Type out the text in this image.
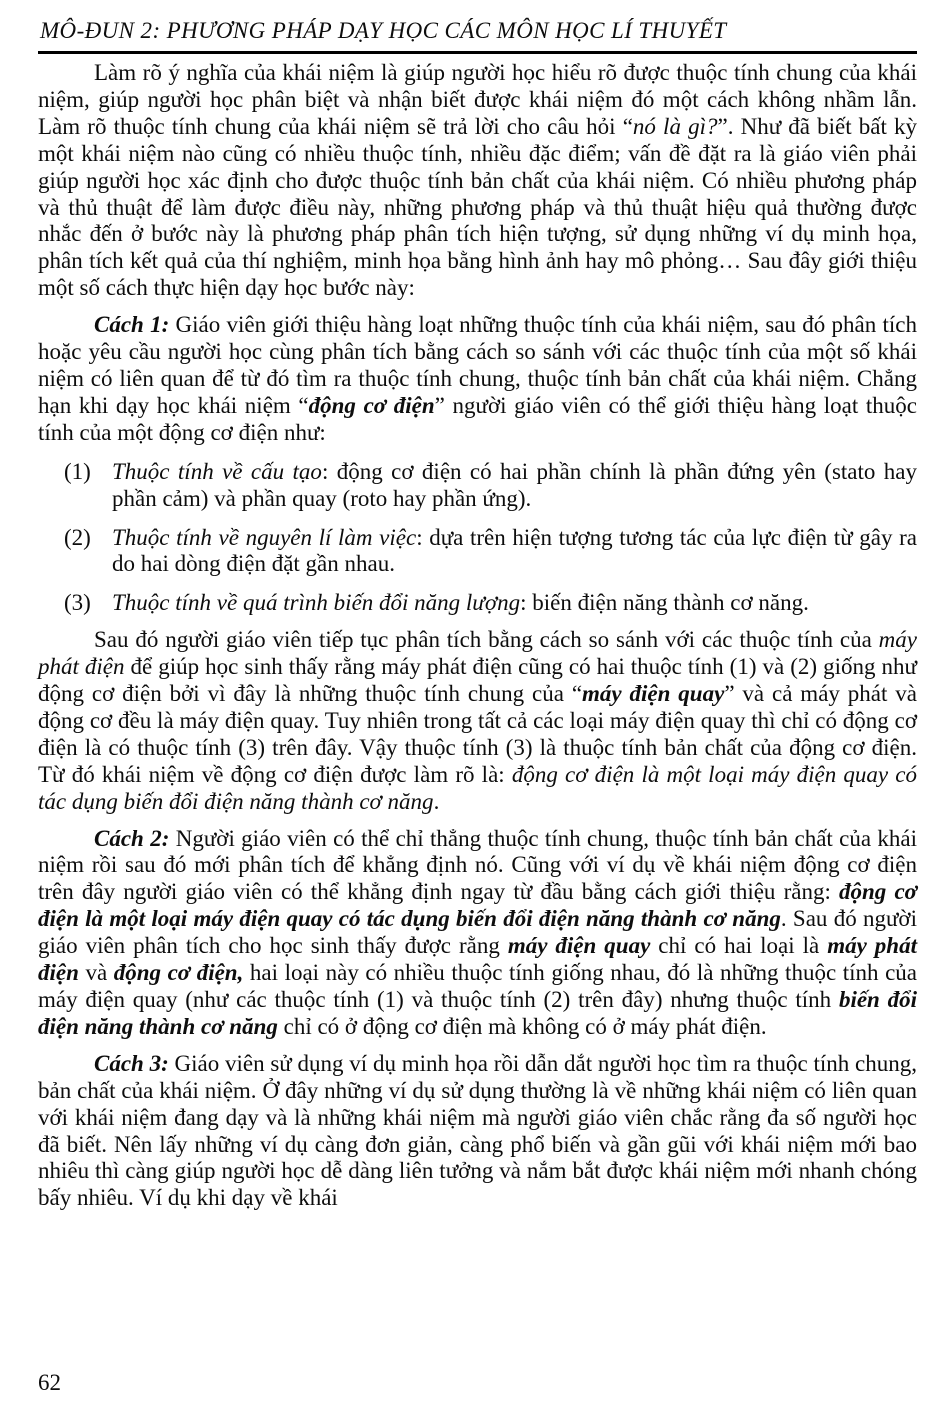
MÔ-ĐUN 2: PHƯƠNG PHÁP DẠY HỌC CÁC MÔN HỌC LÍ THUYẾT

Làm rõ ý nghĩa của khái niệm là giúp người học hiểu rõ được thuộc tính chung của khái niệm, giúp người học phân biệt và nhận biết được khái niệm đó một cách không nhầm lẫn. Làm rõ thuộc tính chung của khái niệm sẽ trả lời cho câu hỏi “nó là gì?”. Như đã biết bất kỳ một khái niệm nào cũng có nhiều thuộc tính, nhiều đặc điểm; vấn đề đặt ra là giáo viên phải giúp người học xác định cho được thuộc tính bản chất của khái niệm. Có nhiều phương pháp và thủ thuật để làm được điều này, những phương pháp và thủ thuật hiệu quả thường được nhắc đến ở bước này là phương pháp phân tích hiện tượng, sử dụng những ví dụ minh họa, phân tích kết quả của thí nghiệm, minh họa bằng hình ảnh hay mô phỏng… Sau đây giới thiệu một số cách thực hiện dạy học bước này:

Cách 1: Giáo viên giới thiệu hàng loạt những thuộc tính của khái niệm, sau đó phân tích hoặc yêu cầu người học cùng phân tích bằng cách so sánh với các thuộc tính của một số khái niệm có liên quan để từ đó tìm ra thuộc tính chung, thuộc tính bản chất của khái niệm. Chẳng hạn khi dạy học khái niệm “động cơ điện” người giáo viên có thể giới thiệu hàng loạt thuộc tính của một động cơ điện như:

(1) Thuộc tính về cấu tạo: động cơ điện có hai phần chính là phần đứng yên (stato hay phần cảm) và phần quay (roto hay phần ứng).

(2) Thuộc tính về nguyên lí làm việc: dựa trên hiện tượng tương tác của lực điện từ gây ra do hai dòng điện đặt gần nhau.

(3) Thuộc tính về quá trình biến đổi năng lượng: biến điện năng thành cơ năng.

Sau đó người giáo viên tiếp tục phân tích bằng cách so sánh với các thuộc tính của máy phát điện để giúp học sinh thấy rằng máy phát điện cũng có hai thuộc tính (1) và (2) giống như động cơ điện bởi vì đây là những thuộc tính chung của “máy điện quay” và cả máy phát và động cơ đều là máy điện quay. Tuy nhiên trong tất cả các loại máy điện quay thì chỉ có động cơ điện là có thuộc tính (3) trên đây. Vậy thuộc tính (3) là thuộc tính bản chất của động cơ điện. Từ đó khái niệm về động cơ điện được làm rõ là: động cơ điện là một loại máy điện quay có tác dụng biến đổi điện năng thành cơ năng.

Cách 2: Người giáo viên có thể chỉ thẳng thuộc tính chung, thuộc tính bản chất của khái niệm rồi sau đó mới phân tích để khẳng định nó. Cũng với ví dụ về khái niệm động cơ điện trên đây người giáo viên có thể khẳng định ngay từ đầu bằng cách giới thiệu rằng: động cơ điện là một loại máy điện quay có tác dụng biến đổi điện năng thành cơ năng. Sau đó người giáo viên phân tích cho học sinh thấy được rằng máy điện quay chỉ có hai loại là máy phát điện và động cơ điện, hai loại này có nhiều thuộc tính giống nhau, đó là những thuộc tính của máy điện quay (như các thuộc tính (1) và thuộc tính (2) trên đây) nhưng thuộc tính biến đổi điện năng thành cơ năng chỉ có ở động cơ điện mà không có ở máy phát điện.

Cách 3: Giáo viên sử dụng ví dụ minh họa rồi dẫn dắt người học tìm ra thuộc tính chung, bản chất của khái niệm. Ở đây những ví dụ sử dụng thường là về những khái niệm có liên quan với khái niệm đang dạy và là những khái niệm mà người giáo viên chắc rằng đa số người học đã biết. Nên lấy những ví dụ càng đơn giản, càng phổ biến và gần gũi với khái niệm mới bao nhiêu thì càng giúp người học dễ dàng liên tưởng và nắm bắt được khái niệm mới nhanh chóng bấy nhiêu. Ví dụ khi dạy về khái

62
